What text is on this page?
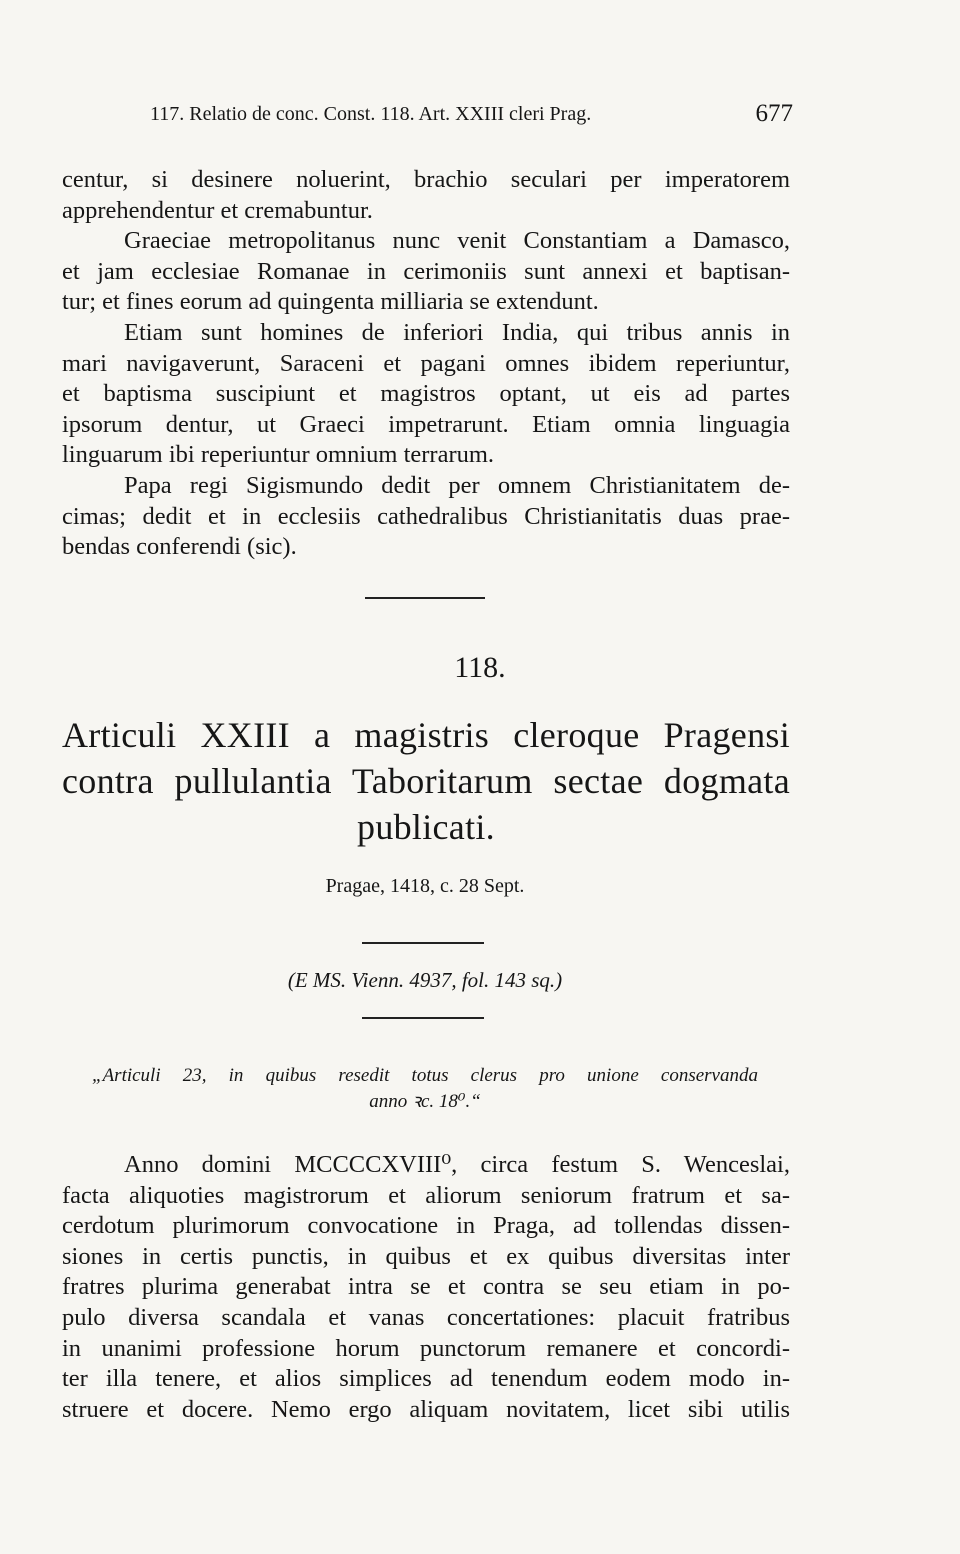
117. Relatio de conc. Const. 118. Art. XXIII cleri Prag.	677
centur, si desinere noluerint, brachio seculari per imperatorem
apprehendentur et cremabuntur.
Graeciae metropolitanus nunc venit Constantiam a Damasco,
et jam ecclesiae Romanae in cerimoniis sunt annexi et baptisan-
tur; et fines eorum ad quingenta milliaria se extendunt.
Etiam sunt homines de inferiori India, qui tribus annis in
mari navigaverunt, Saraceni et pagani omnes ibidem reperiuntur,
et baptisma suscipiunt et magistros optant, ut eis ad partes
ipsorum dentur, ut Graeci impetrarunt. Etiam omnia linguagia
linguarum ibi reperiuntur omnium terrarum.
Papa regi Sigismundo dedit per omnem Christianitatem de-
cimas; dedit et in ecclesiis cathedralibus Christianitatis duas prae-
bendas conferendi (sic).
118.
Articuli XXIII a magistris cleroque Pragensi
contra pullulantia Taboritarum sectae dogmata
publicati.
Pragae, 1418, c. 28 Sept.
(E MS. Vienn. 4937, fol. 143 sq.)
„Articuli 23, in quibus resedit totus clerus pro unione conservanda
anno ꝛc. 18⁰.“
Anno domini MCCCCXVIII⁰, circa festum S. Wenceslai,
facta aliquoties magistrorum et aliorum seniorum fratrum et sa-
cerdotum plurimorum convocatione in Praga, ad tollendas dissen-
siones in certis punctis, in quibus et ex quibus diversitas inter
fratres plurima generabat intra se et contra se seu etiam in po-
pulo diversa scandala et vanas concertationes: placuit fratribus
in unanimi professione horum punctorum remanere et concordi-
ter illa tenere, et alios simplices ad tenendum eodem modo in-
struere et docere. Nemo ergo aliquam novitatem, licet sibi utilis
